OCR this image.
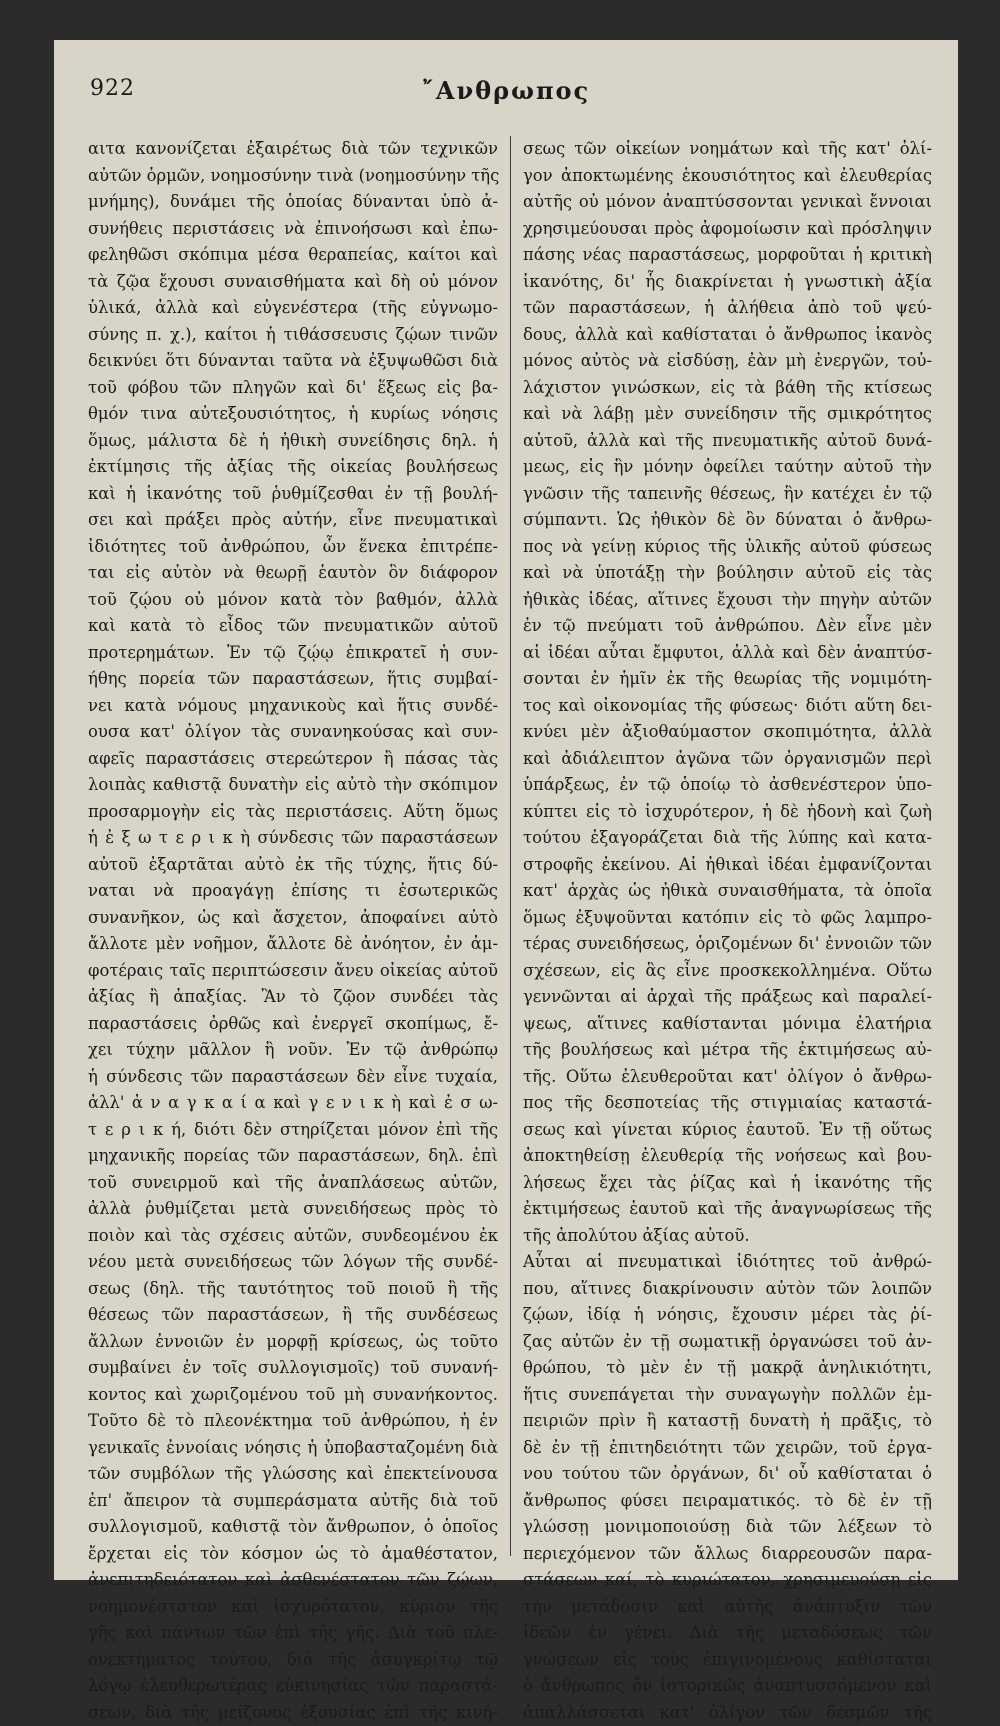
922	῎Ανθρωπος
αιτα κανονίζεται ἐξαιρέτως διὰ τῶν τεχνικῶν
αὐτῶν ὁρμῶν, νοημοσύνην τινὰ (νοημοσύνην τῆς
μνήμης), δυνάμει τῆς ὁποίας δύνανται ὑπὸ ἀ-
συνήθεις περιστάσεις νὰ ἐπινοήσωσι καὶ ἐπω-
φεληθῶσι σκόπιμα μέσα θεραπείας, καίτοι καὶ
τὰ ζῷα ἔχουσι συναισθήματα καὶ δὴ οὐ μόνον
ὑλικά, ἀλλὰ καὶ εὐγενέστερα (τῆς εὐγνωμο-
σύνης π. χ.), καίτοι ἡ τιθάσσευσις ζῴων τινῶν
δεικνύει ὅτι δύνανται ταῦτα νὰ ἐξυψωθῶσι διὰ
τοῦ φόβου τῶν πληγῶν καὶ δι' ἕξεως εἰς βα-
θμόν τινα αὐτεξουσιότητος, ἡ κυρίως νόησις
ὅμως, μάλιστα δὲ ἡ ἠθικὴ συνείδησις δηλ. ἡ
ἐκτίμησις τῆς ἀξίας τῆς οἰκείας βουλήσεως
καὶ ἡ ἱκανότης τοῦ ῥυθμίζεσθαι ἐν τῇ βουλή-
σει καὶ πράξει πρὸς αὐτήν, εἶνε πνευματικαὶ
ἰδιότητες τοῦ ἀνθρώπου, ὧν ἕνεκα ἐπιτρέπε-
ται εἰς αὐτὸν νὰ θεωρῇ ἑαυτὸν ὃν διάφορον
τοῦ ζῴου οὐ μόνον κατὰ τὸν βαθμόν, ἀλλὰ
καὶ κατὰ τὸ εἶδος τῶν πνευματικῶν αὐτοῦ
προτερημάτων. Ἐν τῷ ζῴῳ ἐπικρατεῖ ἡ συν-
ήθης πορεία τῶν παραστάσεων, ἥτις συμβαί-
νει κατὰ νόμους μηχανικοὺς καὶ ἥτις συνδέ-
ουσα κατ' ὀλίγον τὰς συνανηκούσας καὶ συν-
αφεῖς παραστάσεις στερεώτερον ἢ πάσας τὰς
λοιπὰς καθιστᾷ δυνατὴν εἰς αὐτὸ τὴν σκόπιμον
προσαρμογὴν εἰς τὰς περιστάσεις. Αὕτη ὅμως
ἡ ἐ ξ ω τ ε ρ ι κ ὴ σύνδεσις τῶν παραστάσεων
αὐτοῦ ἐξαρτᾶται αὐτὸ ἐκ τῆς τύχης, ἥτις δύ-
ναται νὰ προαγάγῃ ἐπίσης τι ἐσωτερικῶς
συνανῆκον, ὡς καὶ ἄσχετον, ἀποφαίνει αὐτὸ
ἄλλοτε μὲν νοῆμον, ἄλλοτε δὲ ἀνόητον, ἐν ἀμ-
φοτέραις ταῖς περιπτώσεσιν ἄνευ οἰκείας αὐτοῦ
ἀξίας ἢ ἀπαξίας. Ἂν τὸ ζῷον συνδέει τὰς
παραστάσεις ὀρθῶς καὶ ἐνεργεῖ σκοπίμως, ἔ-
χει τύχην μᾶλλον ἢ νοῦν. Ἐν τῷ ἀνθρώπῳ
ἡ σύνδεσις τῶν παραστάσεων δὲν εἶνε τυχαία,
ἀλλ' ἀ ν α γ κ α ί α καὶ γ ε ν ι κ ὴ καὶ ἐ σ ω-
τ ε ρ ι κ ή, διότι δὲν στηρίζεται μόνον ἐπὶ τῆς
μηχανικῆς πορείας τῶν παραστάσεων, δηλ. ἐπὶ
τοῦ συνειρμοῦ καὶ τῆς ἀναπλάσεως αὐτῶν,
ἀλλὰ ῥυθμίζεται μετὰ συνειδήσεως πρὸς τὸ
ποιὸν καὶ τὰς σχέσεις αὐτῶν, συνδεομένου ἐκ
νέου μετὰ συνειδήσεως τῶν λόγων τῆς συνδέ-
σεως (δηλ. τῆς ταυτότητος τοῦ ποιοῦ ἢ τῆς
θέσεως τῶν παραστάσεων, ἢ τῆς συνδέσεως
ἄλλων ἐννοιῶν ἐν μορφῇ κρίσεως, ὡς τοῦτο
συμβαίνει ἐν τοῖς συλλογισμοῖς) τοῦ συνανή-
κοντος καὶ χωριζομένου τοῦ μὴ συνανήκοντος.
Τοῦτο δὲ τὸ πλεονέκτημα τοῦ ἀνθρώπου, ἡ ἐν
γενικαῖς ἐννοίαις νόησις ἡ ὑποβασταζομένη διὰ
τῶν συμβόλων τῆς γλώσσης καὶ ἐπεκτείνουσα
ἐπ' ἄπειρον τὰ συμπεράσματα αὐτῆς διὰ τοῦ
συλλογισμοῦ, καθιστᾷ τὸν ἄνθρωπον, ὁ ὁποῖος
ἔρχεται εἰς τὸν κόσμον ὡς τὸ ἀμαθέστατον,
ἀνεπιτηδειότατον καὶ ἀσθενέστατον τῶν ζῴων,
νοημονέστατον καὶ ἰσχυρότατον, κύριον τῆς
γῆς καὶ πάντων τῶν ἐπὶ τῆς γῆς. Διὰ τοῦ πλε-
ονεκτήματος τούτου, διὰ τῆς ἀσυγκρίτῳ τῷ
λόγῳ ἐλευθερωτέρας εὐκινησίας τῶν παραστά-
σεων, διὰ τῆς μείζονος ἐξουσίας ἐπὶ τῆς κινή-
σεως τῶν οἰκείων νοημάτων καὶ τῆς κατ' ὀλί-
γον ἀποκτωμένης ἑκουσιότητος καὶ ἐλευθερίας
αὐτῆς οὐ μόνον ἀναπτύσσονται γενικαὶ ἔννοιαι
χρησιμεύουσαι πρὸς ἀφομοίωσιν καὶ πρόσληψιν
πάσης νέας παραστάσεως, μορφοῦται ἡ κριτικὴ
ἱκανότης, δι' ἧς διακρίνεται ἡ γνωστικὴ ἀξία
τῶν παραστάσεων, ἡ ἀλήθεια ἀπὸ τοῦ ψεύ-
δους, ἀλλὰ καὶ καθίσταται ὁ ἄνθρωπος ἱκανὸς
μόνος αὐτὸς νὰ εἰσδύσῃ, ἐὰν μὴ ἐνεργῶν, τοὐ-
λάχιστον γινώσκων, εἰς τὰ βάθη τῆς κτίσεως
καὶ νὰ λάβῃ μὲν συνείδησιν τῆς σμικρότητος
αὐτοῦ, ἀλλὰ καὶ τῆς πνευματικῆς αὐτοῦ δυνά-
μεως, εἰς ἣν μόνην ὀφείλει ταύτην αὐτοῦ τὴν
γνῶσιν τῆς ταπεινῆς θέσεως, ἣν κατέχει ἐν τῷ
σύμπαντι. Ὡς ἠθικὸν δὲ ὂν δύναται ὁ ἄνθρω-
πος νὰ γείνῃ κύριος τῆς ὑλικῆς αὐτοῦ φύσεως
καὶ νὰ ὑποτάξῃ τὴν βούλησιν αὐτοῦ εἰς τὰς
ἠθικὰς ἰδέας, αἵτινες ἔχουσι τὴν πηγὴν αὐτῶν
ἐν τῷ πνεύματι τοῦ ἀνθρώπου. Δὲν εἶνε μὲν
αἱ ἰδέαι αὗται ἔμφυτοι, ἀλλὰ καὶ δὲν ἀναπτύσ-
σονται ἐν ἡμῖν ἐκ τῆς θεωρίας τῆς νομιμότη-
τος καὶ οἰκονομίας τῆς φύσεως· διότι αὕτη δει-
κνύει μὲν ἀξιοθαύμαστον σκοπιμότητα, ἀλλὰ
καὶ ἀδιάλειπτον ἀγῶνα τῶν ὀργανισμῶν περὶ
ὑπάρξεως, ἐν τῷ ὁποίῳ τὸ ἀσθενέστερον ὑπο-
κύπτει εἰς τὸ ἰσχυρότερον, ἡ δὲ ἡδονὴ καὶ ζωὴ
τούτου ἐξαγοράζεται διὰ τῆς λύπης καὶ κατα-
στροφῆς ἐκείνου. Αἱ ἠθικαὶ ἰδέαι ἐμφανίζονται
κατ' ἀρχὰς ὡς ἠθικὰ συναισθήματα, τὰ ὁποῖα
ὅμως ἐξυψοῦνται κατόπιν εἰς τὸ φῶς λαμπρο-
τέρας συνειδήσεως, ὁριζομένων δι' ἐννοιῶν τῶν
σχέσεων, εἰς ἃς εἶνε προσκεκολλημένα. Οὕτω
γεννῶνται αἱ ἀρχαὶ τῆς πράξεως καὶ παραλεί-
ψεως, αἵτινες καθίστανται μόνιμα ἐλατήρια
τῆς βουλήσεως καὶ μέτρα τῆς ἐκτιμήσεως αὐ-
τῆς. Οὕτω ἐλευθεροῦται κατ' ὀλίγον ὁ ἄνθρω-
πος τῆς δεσποτείας τῆς στιγμιαίας καταστά-
σεως καὶ γίνεται κύριος ἑαυτοῦ. Ἐν τῇ οὕτως
ἀποκτηθείσῃ ἐλευθερίᾳ τῆς νοήσεως καὶ βου-
λήσεως ἔχει τὰς ῥίζας καὶ ἡ ἱκανότης τῆς
ἐκτιμήσεως ἑαυτοῦ καὶ τῆς ἀναγνωρίσεως τῆς
τῆς ἀπολύτου ἀξίας αὐτοῦ.
Αὗται αἱ πνευματικαὶ ἰδιότητες τοῦ ἀνθρώ-
που, αἵτινες διακρίνουσιν αὐτὸν τῶν λοιπῶν
ζῴων, ἰδίᾳ ἡ νόησις, ἔχουσιν μέρει τὰς ῥί-
ζας αὐτῶν ἐν τῇ σωματικῇ ὀργανώσει τοῦ ἀν-
θρώπου, τὸ μὲν ἐν τῇ μακρᾷ ἀνηλικιότητι,
ἥτις συνεπάγεται τὴν συναγωγὴν πολλῶν ἐμ-
πειριῶν πρὶν ἢ καταστῇ δυνατὴ ἡ πρᾶξις, τὸ
δὲ ἐν τῇ ἐπιτηδειότητι τῶν χειρῶν, τοῦ ἐργα-
νου τούτου τῶν ὀργάνων, δι' οὗ καθίσταται ὁ
ἄνθρωπος φύσει πειραματικός. τὸ δὲ ἐν τῇ
γλώσσῃ μονιμοποιούσῃ διὰ τῶν λέξεων τὸ
περιεχόμενον τῶν ἄλλως διαρρεουσῶν παρα-
στάσεων καί, τὸ κυριώτατον, χρησιμευούσῃ εἰς
τὴν μετάδοσιν καὶ αὐτῆς ἀνάπτυξιν τῶν
ἰδεῶν ἐν γένει. Διὰ τῆς μεταδόσεως τῶν
γνώσεων εἰς τοὺς ἐπιγινομένους καθίσταται
ὁ ἄνθρωπος ὄν ἱστορικῶς ἀναπτυσσόμενον καὶ
ἀπαλλάσσεται κατ' ὀλίγον τῶν δεσμῶν τῆς
